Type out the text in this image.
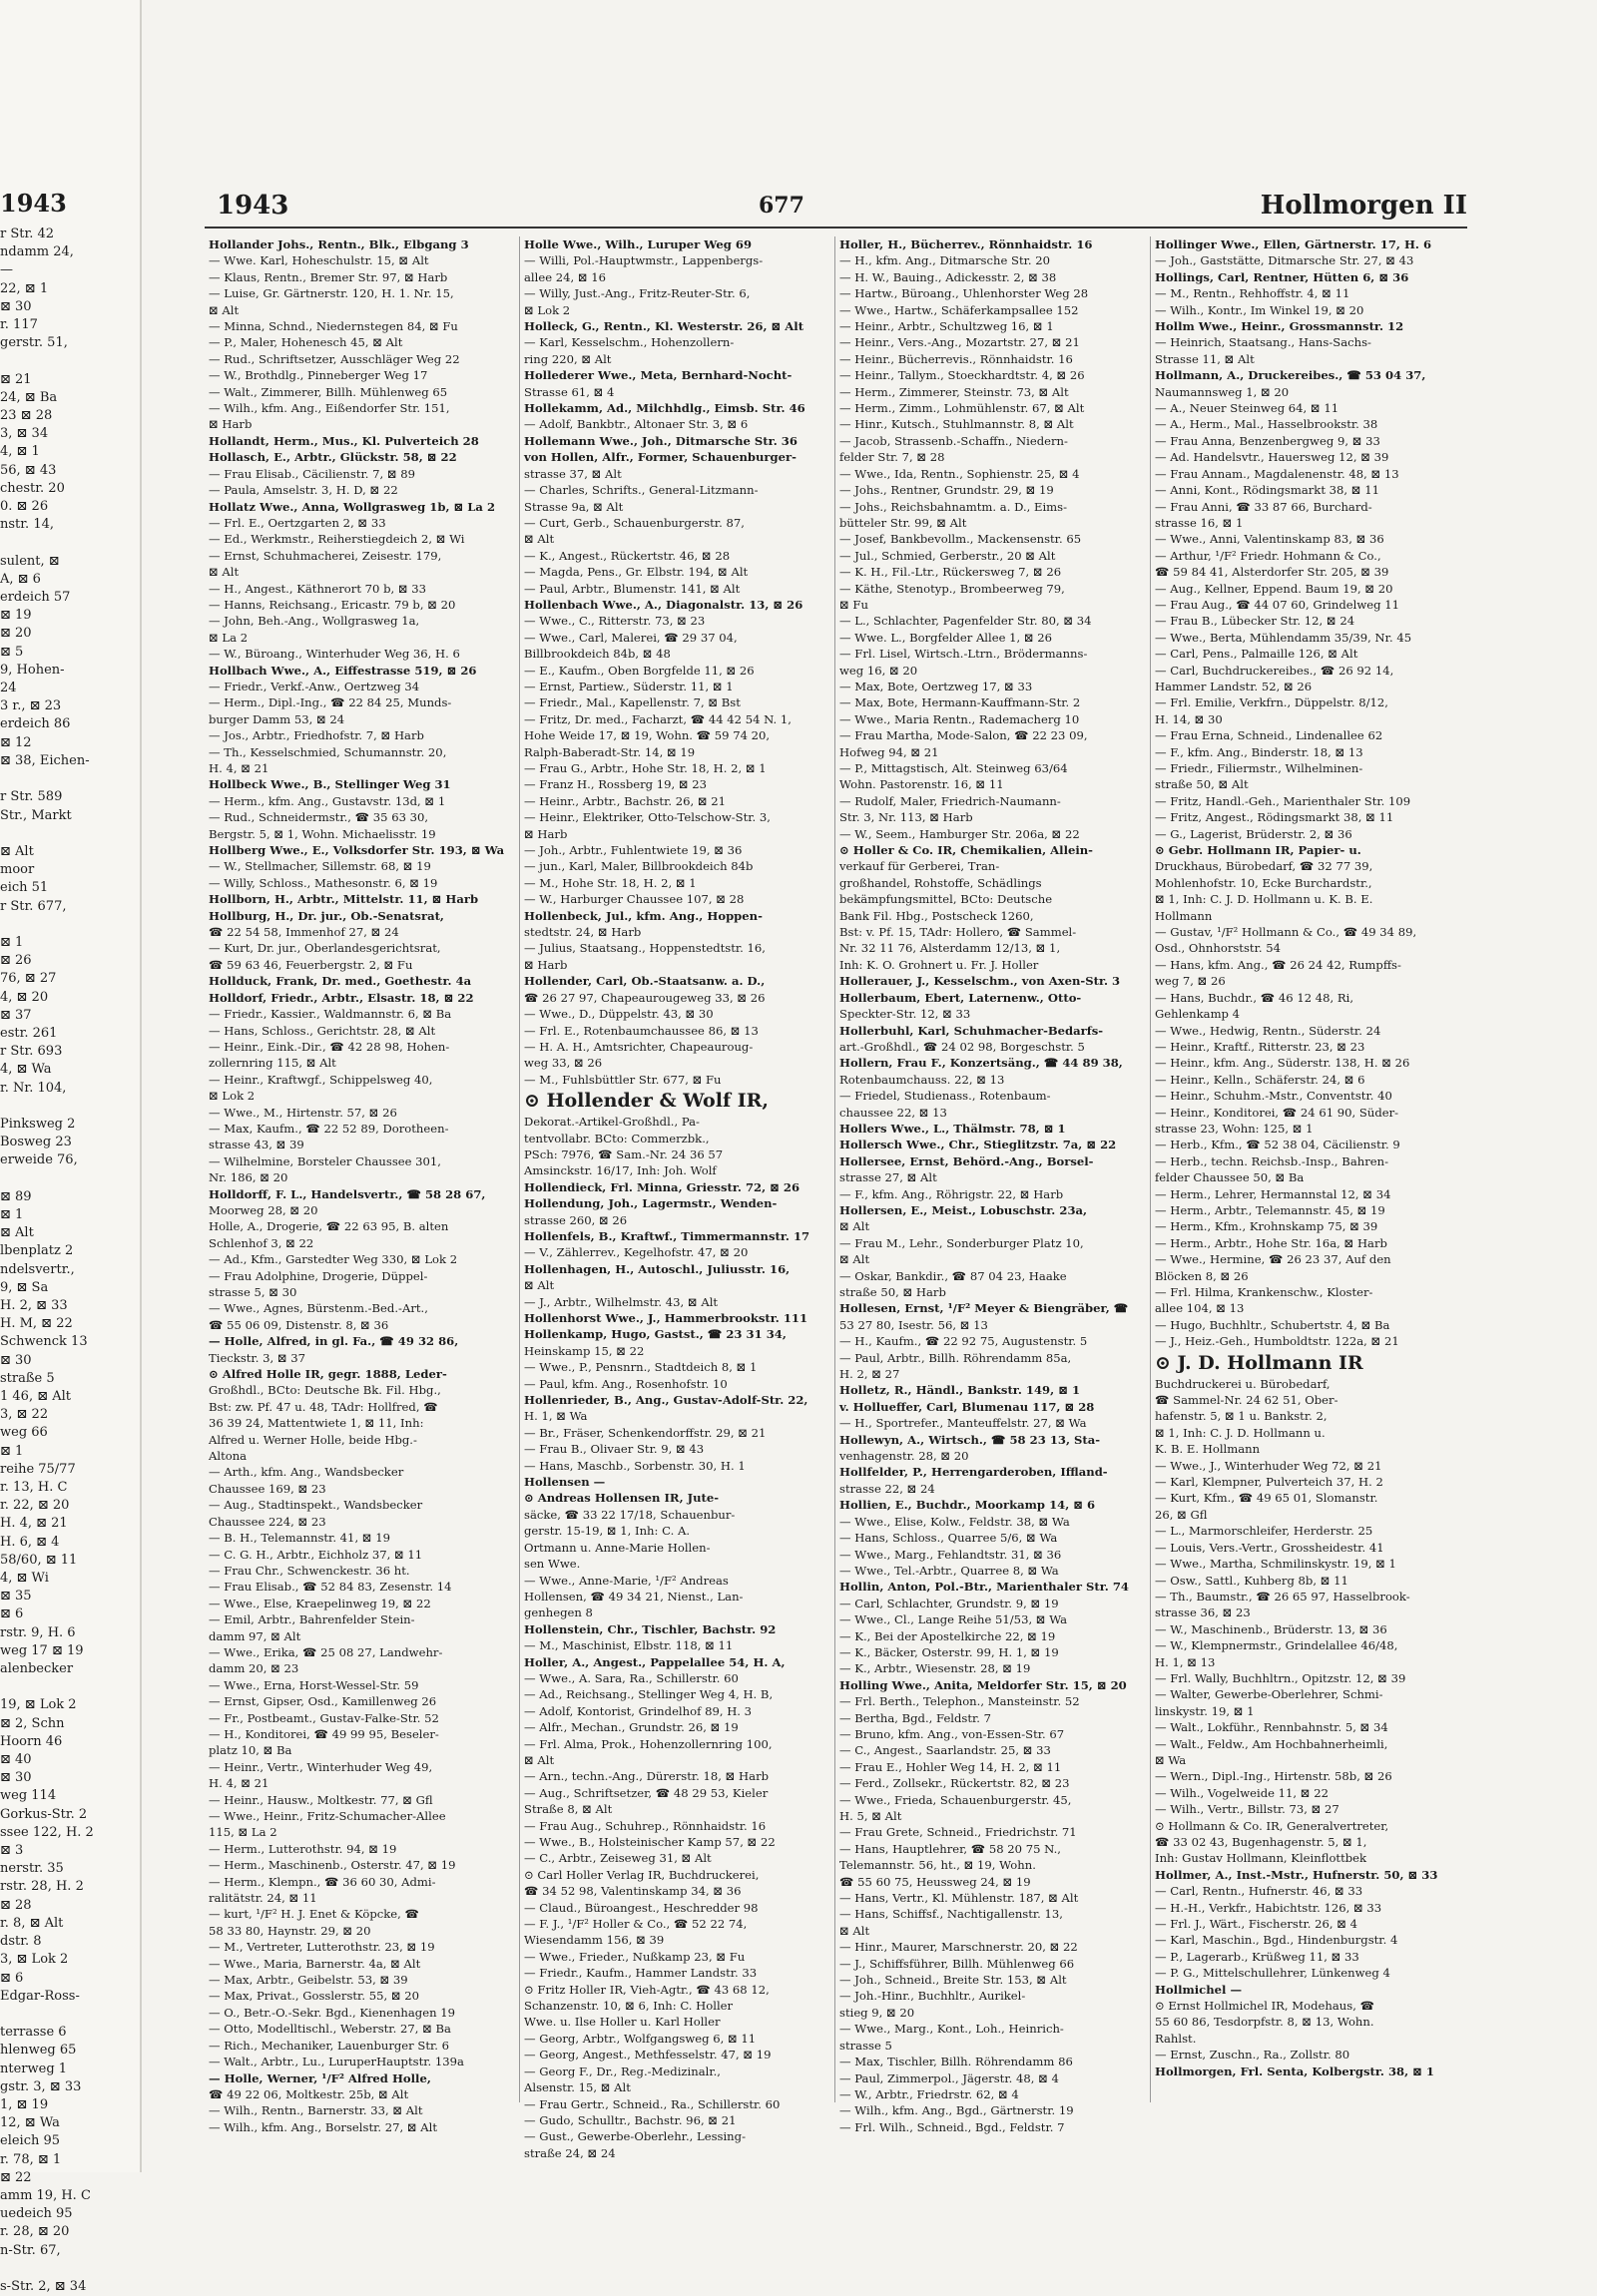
1943
r Str. 42
ndamm 24,
—
22, ⊠ 1
⊠ 30
r. 117
gerstr. 51,

⊠ 21
24, ⊠ Ba
23 ⊠ 28
3, ⊠ 34
4, ⊠ 1
56, ⊠ 43
chestr. 20
0. ⊠ 26
nstr. 14,

sulent, ⊠
A, ⊠ 6
erdeich 57
⊠ 19
⊠ 20
⊠ 5
9, Hohen-
24
3 r., ⊠ 23
erdeich 86
⊠ 12
⊠ 38, Eichen-

r Str. 589
Str., Markt

⊠ Alt
moor
eich 51
r Str. 677,

⊠ 1
⊠ 26
76, ⊠ 27
4, ⊠ 20
⊠ 37
estr. 261
r Str. 693
4, ⊠ Wa
r. Nr. 104,

Pinksweg 2
Bosweg 23
erweide 76,

⊠ 89
⊠ 1
⊠ Alt
lbenplatz 2
ndelsvertr.,
9, ⊠ Sa
H. 2, ⊠ 33
H. M, ⊠ 22
Schwenck 13
⊠ 30
straße 5
1 46, ⊠ Alt
3, ⊠ 22
weg 66
⊠ 1
reihe 75/77
r. 13, H. C
r. 22, ⊠ 20
H. 4, ⊠ 21
H. 6, ⊠ 4
58/60, ⊠ 11
4, ⊠ Wi
⊠ 35
⊠ 6
rstr. 9, H. 6
weg 17 ⊠ 19
alenbecker

19, ⊠ Lok 2
⊠ 2, Schn
Hoorn 46
⊠ 40
⊠ 30
weg 114
Gorkus-Str. 2
ssee 122, H. 2
⊠ 3
nerstr. 35
rstr. 28, H. 2
⊠ 28
r. 8, ⊠ Alt
dstr. 8
3, ⊠ Lok 2
⊠ 6
Edgar-Ross-

terrasse 6
hlenweg 65
nterweg 1
gstr. 3, ⊠ 33
1, ⊠ 19
12, ⊠ Wa
eleich 95
r. 78, ⊠ 1
⊠ 22
amm 19, H. C
uedeich 95
r. 28, ⊠ 20
n-Str. 67,

s-Str. 2, ⊠ 34
1943	677	Hollmorgen II
Hollander Johs., Rentn., Blk., Elbgang 3
— Wwe. Karl, Hoheschulstr. 15, ⊠ Alt
— Klaus, Rentn., Bremer Str. 97, ⊠ Harb
— Luise, Gr. Gärtnerstr. 120, H. 1. Nr. 15,
⊠ Alt
— Minna, Schnd., Niedernstegen 84, ⊠ Fu
— P., Maler, Hohenesch 45, ⊠ Alt
— Rud., Schriftsetzer, Ausschläger Weg 22
— W., Brothdlg., Pinneberger Weg 17
— Walt., Zimmerer, Billh. Mühlenweg 65
— Wilh., kfm. Ang., Eißendorfer Str. 151,
⊠ Harb
Hollandt, Herm., Mus., Kl. Pulverteich 28
Hollasch, E., Arbtr., Glückstr. 58, ⊠ 22
— Frau Elisab., Cäcilienstr. 7, ⊠ 89
— Paula, Amselstr. 3, H. D, ⊠ 22
Hollatz Wwe., Anna, Wollgrasweg 1b, ⊠ La 2
— Frl. E., Oertzgarten 2, ⊠ 33
— Ed., Werkmstr., Reiherstiegdeich 2, ⊠ Wi
— Ernst, Schuhmacherei, Zeisestr. 179,
⊠ Alt
— H., Angest., Käthnerort 70 b, ⊠ 33
— Hanns, Reichsang., Ericastr. 79 b, ⊠ 20
— John, Beh.-Ang., Wollgrasweg 1a,
⊠ La 2
— W., Büroang., Winterhuder Weg 36, H. 6
Hollbach Wwe., A., Eiffestrasse 519, ⊠ 26
— Friedr., Verkf.-Anw., Oertzweg 34
— Herm., Dipl.-Ing., ☎ 22 84 25, Munds-
burger Damm 53, ⊠ 24
— Jos., Arbtr., Friedhofstr. 7, ⊠ Harb
— Th., Kesselschmied, Schumannstr. 20,
H. 4, ⊠ 21
Hollbeck Wwe., B., Stellinger Weg 31
— Herm., kfm. Ang., Gustavstr. 13d, ⊠ 1
— Rud., Schneidermstr., ☎ 35 63 30,
Bergstr. 5, ⊠ 1, Wohn. Michaelisstr. 19
Hollberg Wwe., E., Volksdorfer Str. 193, ⊠ Wa
— W., Stellmacher, Sillemstr. 68, ⊠ 19
— Willy, Schloss., Mathesonstr. 6, ⊠ 19
Hollborn, H., Arbtr., Mittelstr. 11, ⊠ Harb
Hollburg, H., Dr. jur., Ob.-Senatsrat,
☎ 22 54 58, Immenhof 27, ⊠ 24
— Kurt, Dr. jur., Oberlandesgerichtsrat,
☎ 59 63 46, Feuerbergstr. 2, ⊠ Fu
Hollduck, Frank, Dr. med., Goethestr. 4a
Holldorf, Friedr., Arbtr., Elsastr. 18, ⊠ 22
— Friedr., Kassier., Waldmannstr. 6, ⊠ Ba
— Hans, Schloss., Gerichtstr. 28, ⊠ Alt
— Heinr., Eink.-Dir., ☎ 42 28 98, Hohen-
zollernring 115, ⊠ Alt
— Heinr., Kraftwgf., Schippelsweg 40,
⊠ Lok 2
— Wwe., M., Hirtenstr. 57, ⊠ 26
— Max, Kaufm., ☎ 22 52 89, Dorotheen-
strasse 43, ⊠ 39
— Wilhelmine, Borsteler Chaussee 301,
Nr. 186, ⊠ 20
Holldorff, F. L., Handelsvertr., ☎ 58 28 67,
Moorweg 28, ⊠ 20
Holle, A., Drogerie, ☎ 22 63 95, B. alten
Schlenhof 3, ⊠ 22
— Ad., Kfm., Garstedter Weg 330, ⊠ Lok 2
— Frau Adolphine, Drogerie, Düppel-
strasse 5, ⊠ 30
— Wwe., Agnes, Bürstenm.-Bed.-Art.,
☎ 55 06 09, Distenstr. 8, ⊠ 36
— Holle, Alfred, in gl. Fa., ☎ 49 32 86,
Tieckstr. 3, ⊠ 37
⊙ Alfred Holle IR, gegr. 1888, Leder-
Großhdl., BCto: Deutsche Bk. Fil. Hbg.,
Bst: zw. Pf. 47 u. 48, TAdr: Hollfred, ☎
36 39 24, Mattentwiete 1, ⊠ 11, Inh:
Alfred u. Werner Holle, beide Hbg.-
Altona
— Arth., kfm. Ang., Wandsbecker
Chaussee 169, ⊠ 23
— Aug., Stadtinspekt., Wandsbecker
Chaussee 224, ⊠ 23
— B. H., Telemannstr. 41, ⊠ 19
— C. G. H., Arbtr., Eichholz 37, ⊠ 11
— Frau Chr., Schwenckestr. 36 ht.
— Frau Elisab., ☎ 52 84 83, Zesenstr. 14
— Wwe., Else, Kraepelinweg 19, ⊠ 22
— Emil, Arbtr., Bahrenfelder Stein-
damm 97, ⊠ Alt
— Wwe., Erika, ☎ 25 08 27, Landwehr-
damm 20, ⊠ 23
— Wwe., Erna, Horst-Wessel-Str. 59
— Ernst, Gipser, Osd., Kamillenweg 26
— Fr., Postbeamt., Gustav-Falke-Str. 52
— H., Konditorei, ☎ 49 99 95, Beseler-
platz 10, ⊠ Ba
— Heinr., Vertr., Winterhuder Weg 49,
H. 4, ⊠ 21
— Heinr., Hausw., Moltkestr. 77, ⊠ Gfl
— Wwe., Heinr., Fritz-Schumacher-Allee
115, ⊠ La 2
— Herm., Lutterothstr. 94, ⊠ 19
— Herm., Maschinenb., Osterstr. 47, ⊠ 19
— Herm., Klempn., ☎ 36 60 30, Admi-
ralitätstr. 24, ⊠ 11
— kurt, ¹/F² H. J. Enet & Köpcke, ☎
58 33 80, Haynstr. 29, ⊠ 20
— M., Vertreter, Lutterothstr. 23, ⊠ 19
— Wwe., Maria, Barnerstr. 4a, ⊠ Alt
— Max, Arbtr., Geibelstr. 53, ⊠ 39
— Max, Privat., Gosslerstr. 55, ⊠ 20
— O., Betr.-O.-Sekr. Bgd., Kienenhagen 19
— Otto, Modelltischl., Weberstr. 27, ⊠ Ba
— Rich., Mechaniker, Lauenburger Str. 6
— Walt., Arbtr., Lu., LuruperHauptstr. 139a
— Holle, Werner, ¹/F² Alfred Holle,
☎ 49 22 06, Moltkestr. 25b, ⊠ Alt
— Wilh., Rentn., Barnerstr. 33, ⊠ Alt
— Wilh., kfm. Ang., Borselstr. 27, ⊠ Alt
Holle Wwe., Wilh., Luruper Weg 69
— Willi, Pol.-Hauptwmstr., Lappenbergs-
allee 24, ⊠ 16
— Willy, Just.-Ang., Fritz-Reuter-Str. 6,
⊠ Lok 2
Holleck, G., Rentn., Kl. Westerstr. 26, ⊠ Alt
— Karl, Kesselschm., Hohenzollern-
ring 220, ⊠ Alt
Hollederer Wwe., Meta, Bernhard-Nocht-
Strasse 61, ⊠ 4
Hollekamm, Ad., Milchhdlg., Eimsb. Str. 46
— Adolf, Bankbtr., Altonaer Str. 3, ⊠ 6
Hollemann Wwe., Joh., Ditmarsche Str. 36
von Hollen, Alfr., Former, Schauenburger-
strasse 37, ⊠ Alt
— Charles, Schrifts., General-Litzmann-
Strasse 9a, ⊠ Alt
— Curt, Gerb., Schauenburgerstr. 87,
⊠ Alt
— K., Angest., Rückertstr. 46, ⊠ 28
— Magda, Pens., Gr. Elbstr. 194, ⊠ Alt
— Paul, Arbtr., Blumenstr. 141, ⊠ Alt
Hollenbach Wwe., A., Diagonalstr. 13, ⊠ 26
— Wwe., C., Ritterstr. 73, ⊠ 23
— Wwe., Carl, Malerei, ☎ 29 37 04,
Billbrookdeich 84b, ⊠ 48
— E., Kaufm., Oben Borgfelde 11, ⊠ 26
— Ernst, Partiew., Süderstr. 11, ⊠ 1
— Friedr., Mal., Kapellenstr. 7, ⊠ Bst
— Fritz, Dr. med., Facharzt, ☎ 44 42 54 N. 1,
Hohe Weide 17, ⊠ 19, Wohn. ☎ 59 74 20,
Ralph-Baberadt-Str. 14, ⊠ 19
— Frau G., Arbtr., Hohe Str. 18, H. 2, ⊠ 1
— Franz H., Rossberg 19, ⊠ 23
— Heinr., Arbtr., Bachstr. 26, ⊠ 21
— Heinr., Elektriker, Otto-Telschow-Str. 3,
⊠ Harb
— Joh., Arbtr., Fuhlentwiete 19, ⊠ 36
— jun., Karl, Maler, Billbrookdeich 84b
— M., Hohe Str. 18, H. 2, ⊠ 1
— W., Harburger Chaussee 107, ⊠ 28
Hollenbeck, Jul., kfm. Ang., Hoppen-
stedtstr. 24, ⊠ Harb
— Julius, Staatsang., Hoppenstedtstr. 16,
⊠ Harb
Hollender, Carl, Ob.-Staatsanw. a. D.,
☎ 26 27 97, Chapeaurougeweg 33, ⊠ 26
— Wwe., D., Düppelstr. 43, ⊠ 30
— Frl. E., Rotenbaumchaussee 86, ⊠ 13
— H. A. H., Amtsrichter, Chapeauroug-
weg 33, ⊠ 26
— M., Fuhlsbüttler Str. 677, ⊠ Fu
⊙ Hollender & Wolf IR,
Dekorat.-Artikel-Großhdl., Pa-
tentvollabr. BCto: Commerzbk.,
PSch: 7976, ☎ Sam.-Nr. 24 36 57
Amsinckstr. 16/17, Inh: Joh. Wolf
Hollendieck, Frl. Minna, Griesstr. 72, ⊠ 26
Hollendung, Joh., Lagermstr., Wenden-
strasse 260, ⊠ 26
Hollenfels, B., Kraftwf., Timmermannstr. 17
— V., Zählerrev., Kegelhofstr. 47, ⊠ 20
Hollenhagen, H., Autoschl., Juliusstr. 16,
⊠ Alt
— J., Arbtr., Wilhelmstr. 43, ⊠ Alt
Hollenhorst Wwe., J., Hammerbrookstr. 111
Hollenkamp, Hugo, Gastst., ☎ 23 31 34,
Heinskamp 15, ⊠ 22
— Wwe., P., Pensnrn., Stadtdeich 8, ⊠ 1
— Paul, kfm. Ang., Rosenhofstr. 10
Hollenrieder, B., Ang., Gustav-Adolf-Str. 22,
H. 1, ⊠ Wa
— Br., Fräser, Schenkendorffstr. 29, ⊠ 21
— Frau B., Olivaer Str. 9, ⊠ 43
— Hans, Maschb., Sorbenstr. 30, H. 1
Hollensen —
⊙ Andreas Hollensen IR, Jute-
säcke, ☎ 33 22 17/18, Schauenbur-
gerstr. 15-19, ⊠ 1, Inh: C. A.
Ortmann u. Anne-Marie Hollen-
sen Wwe.
— Wwe., Anne-Marie, ¹/F² Andreas
Hollensen, ☎ 49 34 21, Nienst., Lan-
genhegen 8
Hollenstein, Chr., Tischler, Bachstr. 92
— M., Maschinist, Elbstr. 118, ⊠ 11
Holler, A., Angest., Pappelallee 54, H. A,
— Wwe., A. Sara, Ra., Schillerstr. 60
— Ad., Reichsang., Stellinger Weg 4, H. B,
— Adolf, Kontorist, Grindelhof 89, H. 3
— Alfr., Mechan., Grundstr. 26, ⊠ 19
— Frl. Alma, Prok., Hohenzollernring 100,
⊠ Alt
— Arn., techn.-Ang., Dürerstr. 18, ⊠ Harb
— Aug., Schriftsetzer, ☎ 48 29 53, Kieler
Straße 8, ⊠ Alt
— Frau Aug., Schuhrep., Rönnhaidstr. 16
— Wwe., B., Holsteinischer Kamp 57, ⊠ 22
— C., Arbtr., Zeiseweg 31, ⊠ Alt
⊙ Carl Holler Verlag IR, Buchdruckerei,
☎ 34 52 98, Valentinskamp 34, ⊠ 36
— Claud., Büroangest., Heschredder 98
— F. J., ¹/F² Holler & Co., ☎ 52 22 74,
Wiesendamm 156, ⊠ 39
— Wwe., Frieder., Nußkamp 23, ⊠ Fu
— Friedr., Kaufm., Hammer Landstr. 33
⊙ Fritz Holler IR, Vieh-Agtr., ☎ 43 68 12,
Schanzenstr. 10, ⊠ 6, Inh: C. Holler
Wwe. u. Ilse Holler u. Karl Holler
— Georg, Arbtr., Wolfgangsweg 6, ⊠ 11
— Georg, Angest., Methfesselstr. 47, ⊠ 19
— Georg F., Dr., Reg.-Medizinalr.,
Alsenstr. 15, ⊠ Alt
— Frau Gertr., Schneid., Ra., Schillerstr. 60
— Gudo, Schulltr., Bachstr. 96, ⊠ 21
— Gust., Gewerbe-Oberlehr., Lessing-
straße 24, ⊠ 24
Holler, H., Bücherrev., Rönnhaidstr. 16
— H., kfm. Ang., Ditmarsche Str. 20
— H. W., Bauing., Adickesstr. 2, ⊠ 38
— Hartw., Büroang., Uhlenhorster Weg 28
— Wwe., Hartw., Schäferkampsallee 152
— Heinr., Arbtr., Schultzweg 16, ⊠ 1
— Heinr., Vers.-Ang., Mozartstr. 27, ⊠ 21
— Heinr., Bücherrevis., Rönnhaidstr. 16
— Heinr., Tallym., Stoeckhardtstr. 4, ⊠ 26
— Herm., Zimmerer, Steinstr. 73, ⊠ Alt
— Herm., Zimm., Lohmühlenstr. 67, ⊠ Alt
— Hinr., Kutsch., Stuhlmannstr. 8, ⊠ Alt
— Jacob, Strassenb.-Schaffn., Niedern-
felder Str. 7, ⊠ 28
— Wwe., Ida, Rentn., Sophienstr. 25, ⊠ 4
— Johs., Rentner, Grundstr. 29, ⊠ 19
— Johs., Reichsbahnamtm. a. D., Eims-
bütteler Str. 99, ⊠ Alt
— Josef, Bankbevollm., Mackensenstr. 65
— Jul., Schmied, Gerberstr., 20 ⊠ Alt
— K. H., Fil.-Ltr., Rückersweg 7, ⊠ 26
— Käthe, Stenotyp., Brombeerweg 79,
⊠ Fu
— L., Schlachter, Pagenfelder Str. 80, ⊠ 34
— Wwe. L., Borgfelder Allee 1, ⊠ 26
— Frl. Lisel, Wirtsch.-Ltrn., Brödermanns-
weg 16, ⊠ 20
— Max, Bote, Oertzweg 17, ⊠ 33
— Max, Bote, Hermann-Kauffmann-Str. 2
— Wwe., Maria Rentn., Rademacherg 10
— Frau Martha, Mode-Salon, ☎ 22 23 09,
Hofweg 94, ⊠ 21
— P., Mittagstisch, Alt. Steinweg 63/64
Wohn. Pastorenstr. 16, ⊠ 11
— Rudolf, Maler, Friedrich-Naumann-
Str. 3, Nr. 113, ⊠ Harb
— W., Seem., Hamburger Str. 206a, ⊠ 22
⊙ Holler & Co. IR, Chemikalien, Allein-
verkauf für Gerberei, Tran-
großhandel, Rohstoffe, Schädlings
bekämpfungsmittel, BCto: Deutsche
Bank Fil. Hbg., Postscheck 1260,
Bst: v. Pf. 15, TAdr: Hollero, ☎ Sammel-
Nr. 32 11 76, Alsterdamm 12/13, ⊠ 1,
Inh: K. O. Grohnert u. Fr. J. Holler
Hollerauer, J., Kesselschm., von Axen-Str. 3
Hollerbaum, Ebert, Laternenw., Otto-
Speckter-Str. 12, ⊠ 33
Hollerbuhl, Karl, Schuhmacher-Bedarfs-
art.-Großhdl., ☎ 24 02 98, Borgeschstr. 5
Hollern, Frau F., Konzertsäng., ☎ 44 89 38,
Rotenbaumchauss. 22, ⊠ 13
— Friedel, Studienass., Rotenbaum-
chaussee 22, ⊠ 13
Hollers Wwe., L., Thälmstr. 78, ⊠ 1
Hollersch Wwe., Chr., Stieglitzstr. 7a, ⊠ 22
Hollersee, Ernst, Behörd.-Ang., Borsel-
strasse 27, ⊠ Alt
— F., kfm. Ang., Röhrigstr. 22, ⊠ Harb
Hollersen, E., Meist., Lobuschstr. 23a,
⊠ Alt
— Frau M., Lehr., Sonderburger Platz 10,
⊠ Alt
— Oskar, Bankdir., ☎ 87 04 23, Haake
straße 50, ⊠ Harb
Hollesen, Ernst, ¹/F² Meyer & Biengräber, ☎
53 27 80, Isestr. 56, ⊠ 13
— H., Kaufm., ☎ 22 92 75, Augustenstr. 5
— Paul, Arbtr., Billh. Röhrendamm 85a,
H. 2, ⊠ 27
Holletz, R., Händl., Bankstr. 149, ⊠ 1
v. Hollueffer, Carl, Blumenau 117, ⊠ 28
— H., Sportrefer., Manteuffelstr. 27, ⊠ Wa
Hollewyn, A., Wirtsch., ☎ 58 23 13, Sta-
venhagenstr. 28, ⊠ 20
Hollfelder, P., Herrengarderoben, Iffland-
strasse 22, ⊠ 24
Hollien, E., Buchdr., Moorkamp 14, ⊠ 6
— Wwe., Elise, Kolw., Feldstr. 38, ⊠ Wa
— Hans, Schloss., Quarree 5/6, ⊠ Wa
— Wwe., Marg., Fehlandtstr. 31, ⊠ 36
— Wwe., Tel.-Arbtr., Quarree 8, ⊠ Wa
Hollin, Anton, Pol.-Btr., Marienthaler Str. 74
— Carl, Schlachter, Grundstr. 9, ⊠ 19
— Wwe., Cl., Lange Reihe 51/53, ⊠ Wa
— K., Bei der Apostelkirche 22, ⊠ 19
— K., Bäcker, Osterstr. 99, H. 1, ⊠ 19
— K., Arbtr., Wiesenstr. 28, ⊠ 19
Holling Wwe., Anita, Meldorfer Str. 15, ⊠ 20
— Frl. Berth., Telephon., Mansteinstr. 52
— Bertha, Bgd., Feldstr. 7
— Bruno, kfm. Ang., von-Essen-Str. 67
— C., Angest., Saarlandstr. 25, ⊠ 33
— Frau E., Hohler Weg 14, H. 2, ⊠ 11
— Ferd., Zollsekr., Rückertstr. 82, ⊠ 23
— Wwe., Frieda, Schauenburgerstr. 45,
H. 5, ⊠ Alt
— Frau Grete, Schneid., Friedrichstr. 71
— Hans, Hauptlehrer, ☎ 58 20 75 N.,
Telemannstr. 56, ht., ⊠ 19, Wohn.
☎ 55 60 75, Heussweg 24, ⊠ 19
— Hans, Vertr., Kl. Mühlenstr. 187, ⊠ Alt
— Hans, Schiffsf., Nachtigallenstr. 13,
⊠ Alt
— Hinr., Maurer, Marschnerstr. 20, ⊠ 22
— J., Schiffsführer, Billh. Mühlenweg 66
— Joh., Schneid., Breite Str. 153, ⊠ Alt
— Joh.-Hinr., Buchhltr., Aurikel-
stieg 9, ⊠ 20
— Wwe., Marg., Kont., Loh., Heinrich-
strasse 5
— Max, Tischler, Billh. Röhrendamm 86
— Paul, Zimmerpol., Jägerstr. 48, ⊠ 4
— W., Arbtr., Friedrstr. 62, ⊠ 4
— Wilh., kfm. Ang., Bgd., Gärtnerstr. 19
— Frl. Wilh., Schneid., Bgd., Feldstr. 7
Hollinger Wwe., Ellen, Gärtnerstr. 17, H. 6
— Joh., Gaststätte, Ditmarsche Str. 27, ⊠ 43
Hollings, Carl, Rentner, Hütten 6, ⊠ 36
— M., Rentn., Rehhoffstr. 4, ⊠ 11
— Wilh., Kontr., Im Winkel 19, ⊠ 20
Hollm Wwe., Heinr., Grossmannstr. 12
— Heinrich, Staatsang., Hans-Sachs-
Strasse 11, ⊠ Alt
Hollmann, A., Druckereibes., ☎ 53 04 37,
Naumannsweg 1, ⊠ 20
— A., Neuer Steinweg 64, ⊠ 11
— A., Herm., Mal., Hasselbrookstr. 38
— Frau Anna, Benzenbergweg 9, ⊠ 33
— Ad. Handelsvtr., Hauersweg 12, ⊠ 39
— Frau Annam., Magdalenenstr. 48, ⊠ 13
— Anni, Kont., Rödingsmarkt 38, ⊠ 11
— Frau Anni, ☎ 33 87 66, Burchard-
strasse 16, ⊠ 1
— Wwe., Anni, Valentinskamp 83, ⊠ 36
— Arthur, ¹/F² Friedr. Hohmann & Co.,
☎ 59 84 41, Alsterdorfer Str. 205, ⊠ 39
— Aug., Kellner, Eppend. Baum 19, ⊠ 20
— Frau Aug., ☎ 44 07 60, Grindelweg 11
— Frau B., Lübecker Str. 12, ⊠ 24
— Wwe., Berta, Mühlendamm 35/39, Nr. 45
— Carl, Pens., Palmaille 126, ⊠ Alt
— Carl, Buchdruckereibes., ☎ 26 92 14,
Hammer Landstr. 52, ⊠ 26
— Frl. Emilie, Verkfrn., Düppelstr. 8/12,
H. 14, ⊠ 30
— Frau Erna, Schneid., Lindenallee 62
— F., kfm. Ang., Binderstr. 18, ⊠ 13
— Friedr., Filiermstr., Wilhelminen-
straße 50, ⊠ Alt
— Fritz, Handl.-Geh., Marienthaler Str. 109
— Fritz, Angest., Rödingsmarkt 38, ⊠ 11
— G., Lagerist, Brüderstr. 2, ⊠ 36
⊙ Gebr. Hollmann IR, Papier- u.
Druckhaus, Bürobedarf, ☎ 32 77 39,
Mohlenhofstr. 10, Ecke Burchardstr.,
⊠ 1, Inh: C. J. D. Hollmann u. K. B. E.
Hollmann
— Gustav, ¹/F² Hollmann & Co., ☎ 49 34 89,
Osd., Ohnhorststr. 54
— Hans, kfm. Ang., ☎ 26 24 42, Rumpffs-
weg 7, ⊠ 26
— Hans, Buchdr., ☎ 46 12 48, Ri,
Gehlenkamp 4
— Wwe., Hedwig, Rentn., Süderstr. 24
— Heinr., Kraftf., Ritterstr. 23, ⊠ 23
— Heinr., kfm. Ang., Süderstr. 138, H. ⊠ 26
— Heinr., Kelln., Schäferstr. 24, ⊠ 6
— Heinr., Schuhm.-Mstr., Conventstr. 40
— Heinr., Konditorei, ☎ 24 61 90, Süder-
strasse 23, Wohn: 125, ⊠ 1
— Herb., Kfm., ☎ 52 38 04, Cäcilienstr. 9
— Herb., techn. Reichsb.-Insp., Bahren-
felder Chaussee 50, ⊠ Ba
— Herm., Lehrer, Hermannstal 12, ⊠ 34
— Herm., Arbtr., Telemannstr. 45, ⊠ 19
— Herm., Kfm., Krohnskamp 75, ⊠ 39
— Herm., Arbtr., Hohe Str. 16a, ⊠ Harb
— Wwe., Hermine, ☎ 26 23 37, Auf den
Blöcken 8, ⊠ 26
— Frl. Hilma, Krankenschw., Kloster-
allee 104, ⊠ 13
— Hugo, Buchhltr., Schubertstr. 4, ⊠ Ba
— J., Heiz.-Geh., Humboldtstr. 122a, ⊠ 21
⊙ J. D. Hollmann IR
Buchdruckerei u. Bürobedarf,
☎ Sammel-Nr. 24 62 51, Ober-
hafenstr. 5, ⊠ 1 u. Bankstr. 2,
⊠ 1, Inh: C. J. D. Hollmann u.
K. B. E. Hollmann
— Wwe., J., Winterhuder Weg 72, ⊠ 21
— Karl, Klempner, Pulverteich 37, H. 2
— Kurt, Kfm., ☎ 49 65 01, Slomanstr.
26, ⊠ Gfl
— L., Marmorschleifer, Herderstr. 25
— Louis, Vers.-Vertr., Grossheidestr. 41
— Wwe., Martha, Schmilinskystr. 19, ⊠ 1
— Osw., Sattl., Kuhberg 8b, ⊠ 11
— Th., Baumstr., ☎ 26 65 97, Hasselbrook-
strasse 36, ⊠ 23
— W., Maschinenb., Brüderstr. 13, ⊠ 36
— W., Klempnermstr., Grindelallee 46/48,
H. 1, ⊠ 13
— Frl. Wally, Buchhltrn., Opitzstr. 12, ⊠ 39
— Walter, Gewerbe-Oberlehrer, Schmi-
linskystr. 19, ⊠ 1
— Walt., Lokführ., Rennbahnstr. 5, ⊠ 34
— Walt., Feldw., Am Hochbahnerheimli,
⊠ Wa
— Wern., Dipl.-Ing., Hirtenstr. 58b, ⊠ 26
— Wilh., Vogelweide 11, ⊠ 22
— Wilh., Vertr., Billstr. 73, ⊠ 27
⊙ Hollmann & Co. IR, Generalvertreter,
☎ 33 02 43, Bugenhagenstr. 5, ⊠ 1,
Inh: Gustav Hollmann, Kleinflottbek
Hollmer, A., Inst.-Mstr., Hufnerstr. 50, ⊠ 33
— Carl, Rentn., Hufnerstr. 46, ⊠ 33
— H.-H., Verkfr., Habichtstr. 126, ⊠ 33
— Frl. J., Wärt., Fischerstr. 26, ⊠ 4
— Karl, Maschin., Bgd., Hindenburgstr. 4
— P., Lagerarb., Krüßweg 11, ⊠ 33
— P. G., Mittelschullehrer, Lünkenweg 4
Hollmichel —
⊙ Ernst Hollmichel IR, Modehaus, ☎
55 60 86, Tesdorpfstr. 8, ⊠ 13, Wohn.
Rahlst.
— Ernst, Zuschn., Ra., Zollstr. 80
Hollmorgen, Frl. Senta, Kolbergstr. 38, ⊠ 1
